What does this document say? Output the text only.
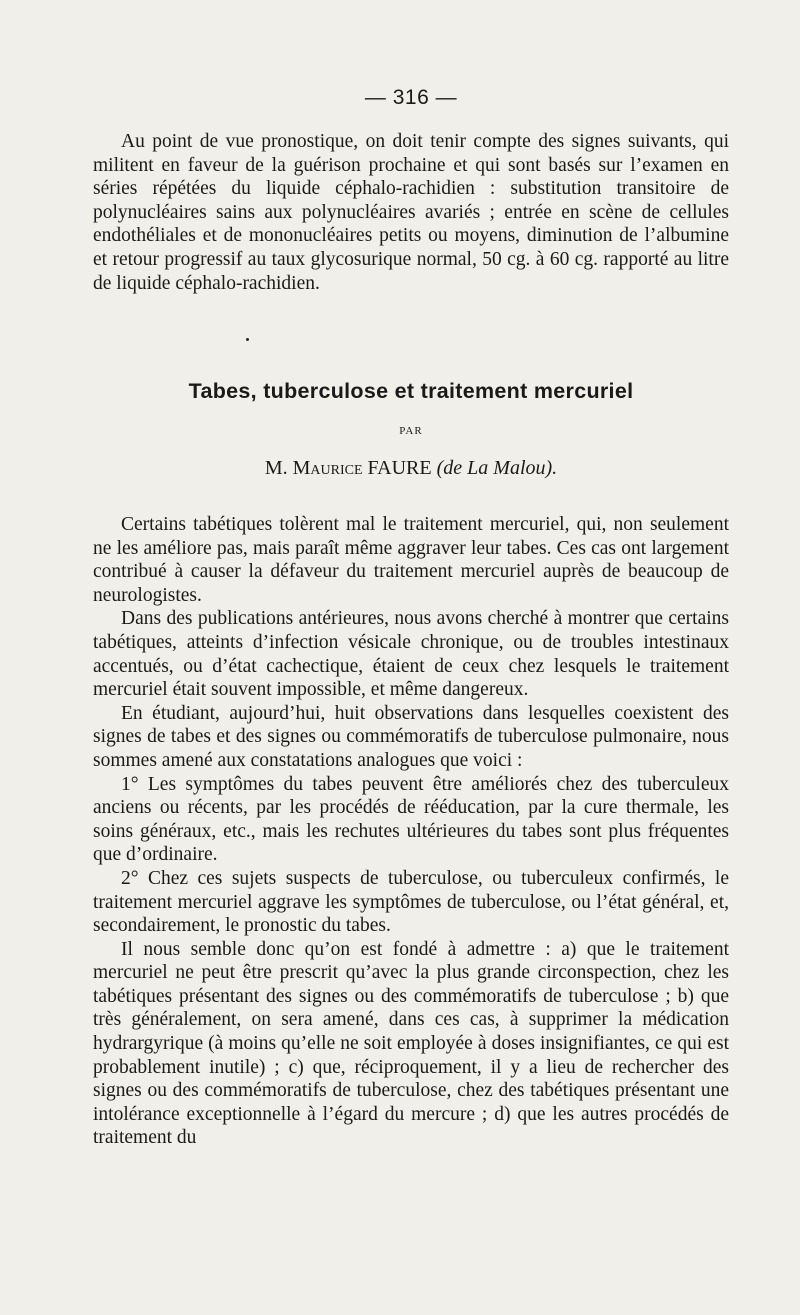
— 316 —

Au point de vue pronostique, on doit tenir compte des signes suivants, qui militent en faveur de la guérison prochaine et qui sont basés sur l’examen en séries répétées du liquide céphalo-rachidien : substitution transitoire de polynucléaires sains aux polynucléaires avariés ; entrée en scène de cellules endothéliales et de mononucléaires petits ou moyens, diminution de l’albumine et retour progressif au taux glycosurique normal, 50 cg. à 60 cg. rapporté au litre de liquide céphalo-rachidien.

Tabes, tuberculose et traitement mercuriel
PAR
M. Maurice FAURE (de La Malou).

Certains tabétiques tolèrent mal le traitement mercuriel, qui, non seulement ne les améliore pas, mais paraît même aggraver leur tabes. Ces cas ont largement contribué à causer la défaveur du traitement mercuriel auprès de beaucoup de neurologistes.

Dans des publications antérieures, nous avons cherché à montrer que certains tabétiques, atteints d’infection vésicale chronique, ou de troubles intestinaux accentués, ou d’état cachectique, étaient de ceux chez lesquels le traitement mercuriel était souvent impossible, et même dangereux.

En étudiant, aujourd’hui, huit observations dans lesquelles coexistent des signes de tabes et des signes ou commémoratifs de tuberculose pulmonaire, nous sommes amené aux constatations analogues que voici :

1° Les symptômes du tabes peuvent être améliorés chez des tuberculeux anciens ou récents, par les procédés de rééducation, par la cure thermale, les soins généraux, etc., mais les rechutes ultérieures du tabes sont plus fréquentes que d’ordinaire.

2° Chez ces sujets suspects de tuberculose, ou tuberculeux confirmés, le traitement mercuriel aggrave les symptômes de tuberculose, ou l’état général, et, secondairement, le pronostic du tabes.

Il nous semble donc qu’on est fondé à admettre : a) que le traitement mercuriel ne peut être prescrit qu’avec la plus grande circonspection, chez les tabétiques présentant des signes ou des commémoratifs de tuberculose ; b) que très généralement, on sera amené, dans ces cas, à supprimer la médication hydrargyrique (à moins qu’elle ne soit employée à doses insignifiantes, ce qui est probablement inutile) ; c) que, réciproquement, il y a lieu de rechercher des signes ou des commémoratifs de tuberculose, chez des tabétiques présentant une intolérance exceptionnelle à l’égard du mercure ; d) que les autres procédés de traitement du
